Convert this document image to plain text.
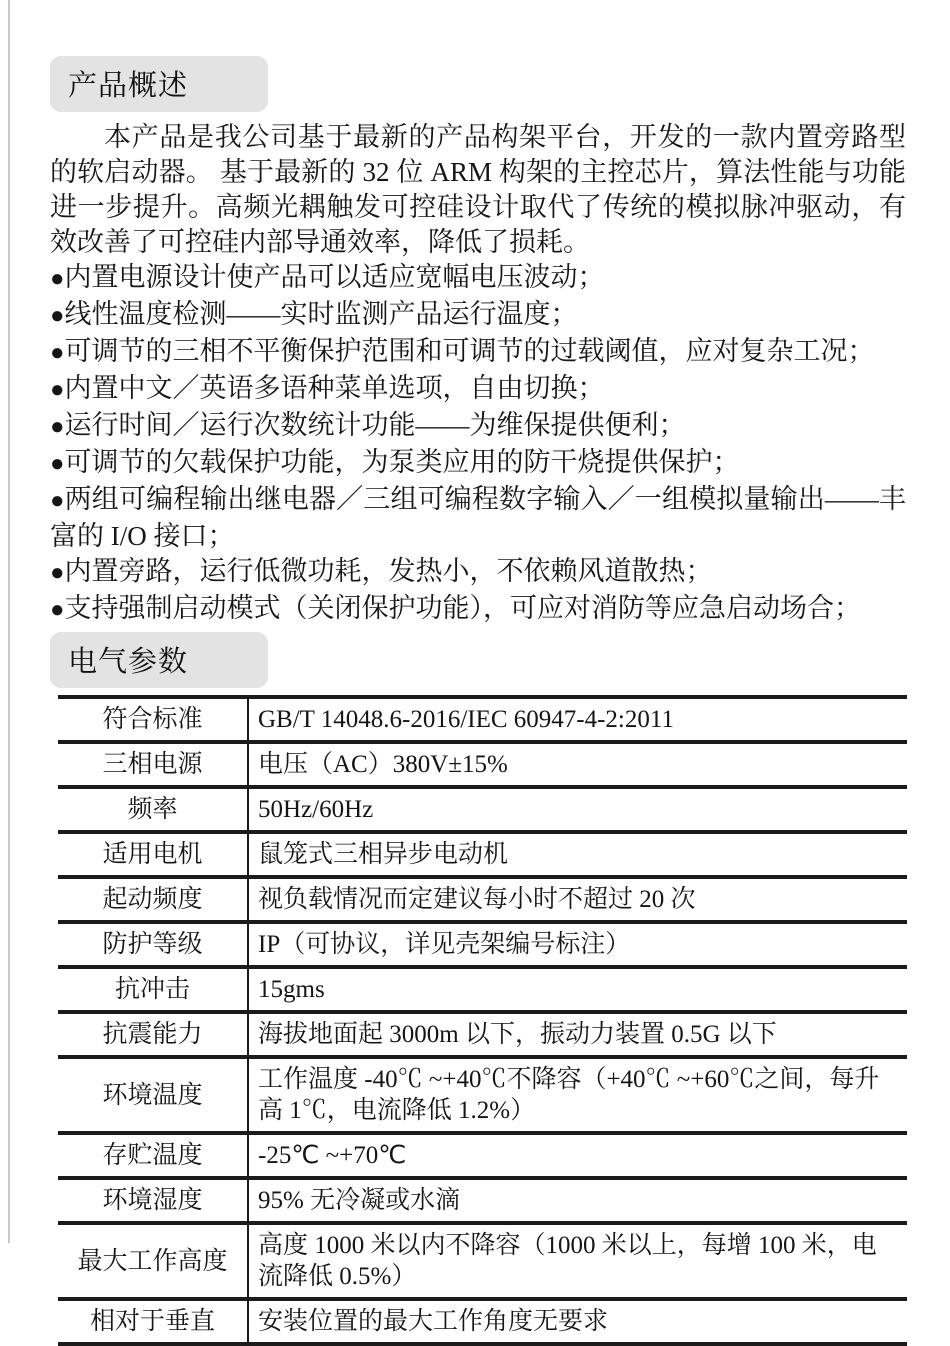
产品概述
本产品是我公司基于最新的产品构架平台，开发的一款内置旁路型的软启动器。 基于最新的 32 位 ARM 构架的主控芯片，算法性能与功能进一步提升。高频光耦触发可控硅设计取代了传统的模拟脉冲驱动，有效改善了可控硅内部导通效率，降低了损耗。
●内置电源设计使产品可以适应宽幅电压波动；
●线性温度检测——实时监测产品运行温度；
●可调节的三相不平衡保护范围和可调节的过载阈值，应对复杂工况；
●内置中文／英语多语种菜单选项，自由切换；
●运行时间／运行次数统计功能——为维保提供便利；
●可调节的欠载保护功能，为泵类应用的防干烧提供保护；
●两组可编程输出继电器／三组可编程数字输入／一组模拟量输出——丰富的 I/O 接口；
●内置旁路，运行低微功耗，发热小，不依赖风道散热；
●支持强制启动模式（关闭保护功能），可应对消防等应急启动场合；
电气参数
符合标准	GB/T 14048.6-2016/IEC 60947-4-2:2011
三相电源	电压（AC）380V±15%
频率	50Hz/60Hz
适用电机	鼠笼式三相异步电动机
起动频度	视负载情况而定建议每小时不超过 20 次
防护等级	IP（可协议，详见壳架编号标注）
抗冲击	15gms
抗震能力	海拔地面起 3000m 以下，振动力装置 0.5G 以下
环境温度	工作温度 -40℃ ~+40℃不降容（+40℃ ~+60℃之间，每升高 1℃，电流降低 1.2%）
存贮温度	-25℃ ~+70℃
环境湿度	95% 无冷凝或水滴
最大工作高度	高度 1000 米以内不降容（1000 米以上，每增 100 米，电流降低 0.5%）
相对于垂直	安装位置的最大工作角度无要求
